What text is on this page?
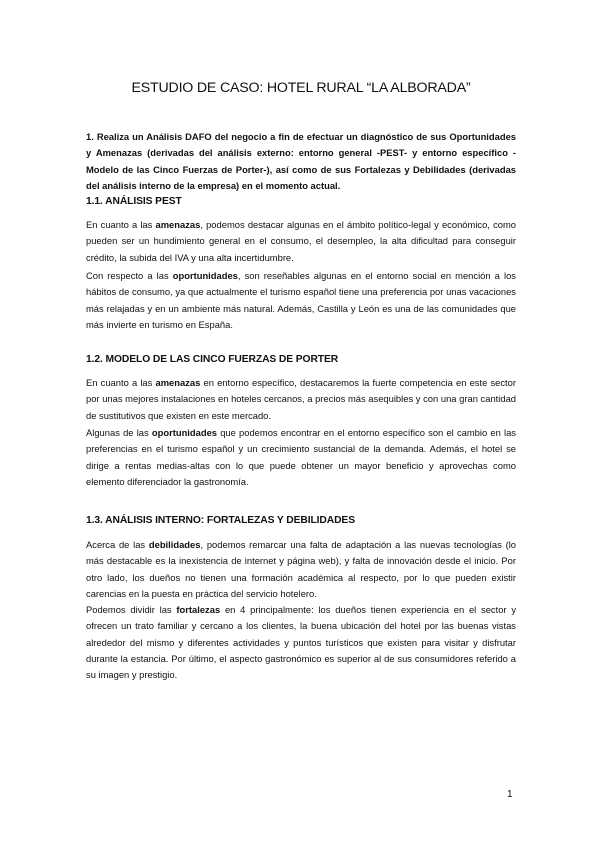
ESTUDIO DE CASO: HOTEL RURAL “LA ALBORADA”

1. Realiza un Análisis DAFO del negocio a fin de efectuar un diagnóstico de sus Oportunidades y Amenazas (derivadas del análisis externo: entorno general -PEST- y entorno específico -Modelo de las Cinco Fuerzas de Porter-), así como de sus Fortalezas y Debilidades (derivadas del análisis interno de la empresa) en el momento actual.

1.1. ANÁLISIS PEST

En cuanto a las amenazas, podemos destacar algunas en el ámbito político-legal y económico, como pueden ser un hundimiento general en el consumo, el desempleo, la alta dificultad para conseguir crédito, la subida del IVA y una alta incertidumbre.

Con respecto a las oportunidades, son reseñables algunas en el entorno social en mención a los hábitos de consumo, ya que actualmente el turismo español tiene una preferencia por unas vacaciones más relajadas y en un ambiente más natural. Además, Castilla y León es una de las comunidades que más invierte en turismo en España.

1.2. MODELO DE LAS CINCO FUERZAS DE PORTER

En cuanto a las amenazas en entorno específico, destacaremos la fuerte competencia en este sector por unas mejores instalaciones en hoteles cercanos, a precios más asequibles y con una gran cantidad de sustitutivos que existen en este mercado.

Algunas de las oportunidades que podemos encontrar en el entorno específico son el cambio en las preferencias en el turismo español y un crecimiento sustancial de la demanda. Además, el hotel se dirige a rentas medias-altas con lo que puede obtener un mayor beneficio y aprovechas como elemento diferenciador la gastronomía.

1.3. ANÁLISIS INTERNO: FORTALEZAS Y DEBILIDADES

Acerca de las debilidades, podemos remarcar una falta de adaptación a las nuevas tecnologías (lo más destacable es la inexistencia de internet y página web), y falta de innovación desde el inicio. Por otro lado, los dueños no tienen una formación académica al respecto, por lo que pueden existir carencias en la puesta en práctica del servicio hotelero.

Podemos dividir las fortalezas en 4 principalmente: los dueños tienen experiencia en el sector y ofrecen un trato familiar y cercano a los clientes, la buena ubicación del hotel por las buenas vistas alrededor del mismo y diferentes actividades y puntos turísticos que existen para visitar y disfrutar durante la estancia. Por último, el aspecto gastronómico es superior al de sus consumidores referido a su imagen y prestigio.

1
